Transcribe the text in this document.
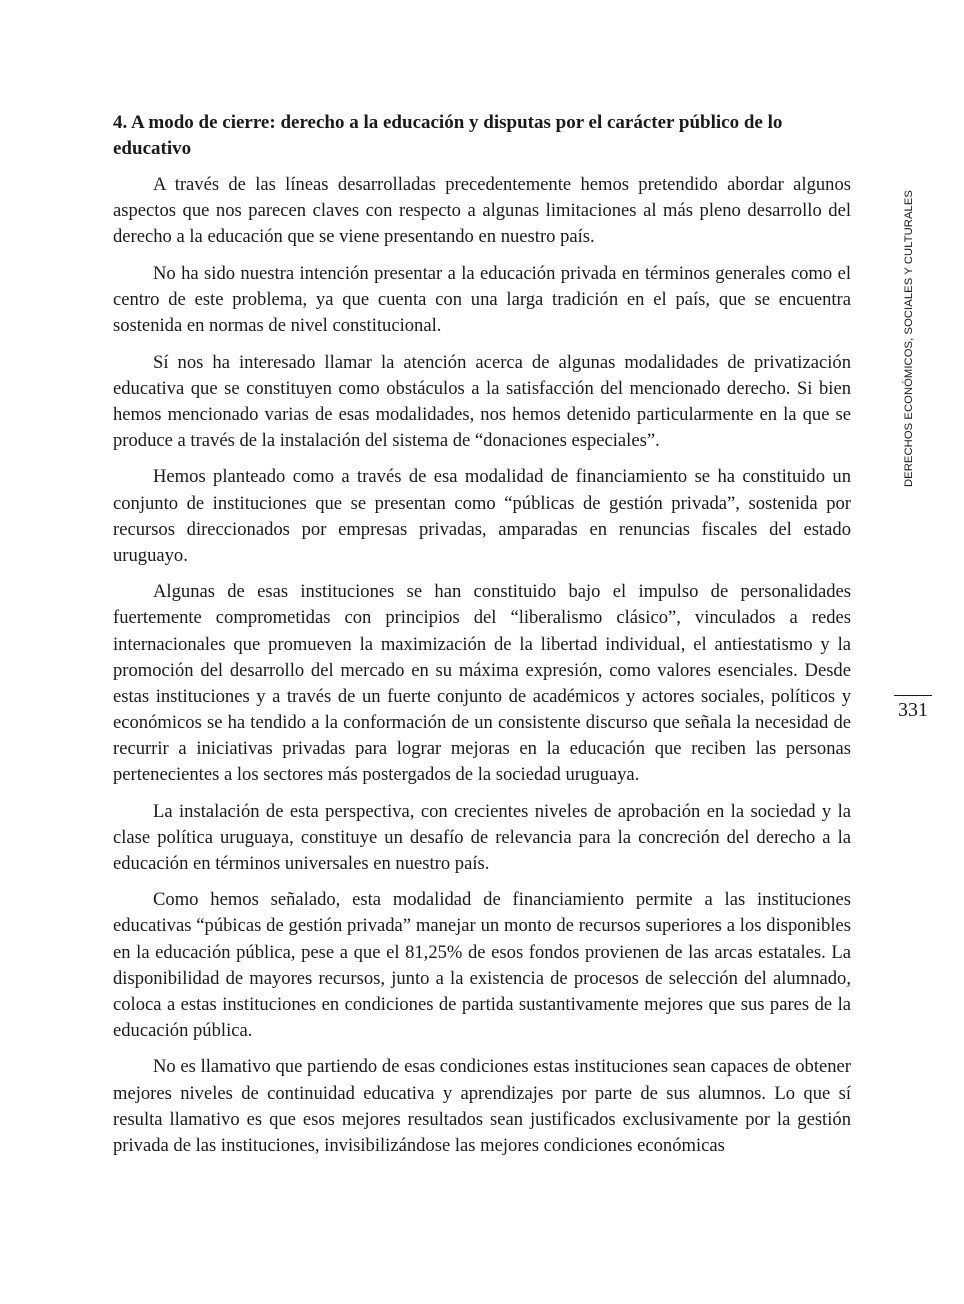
4. A modo de cierre: derecho a la educación y disputas por el carácter público de lo educativo

A través de las líneas desarrolladas precedentemente hemos pretendido abordar algunos aspectos que nos parecen claves con respecto a algunas limitaciones al más pleno desarrollo del derecho a la educación que se viene presentando en nuestro país.

No ha sido nuestra intención presentar a la educación privada en términos generales como el centro de este problema, ya que cuenta con una larga tradición en el país, que se encuentra sostenida en normas de nivel constitucional.

Sí nos ha interesado llamar la atención acerca de algunas modalidades de privatización educativa que se constituyen como obstáculos a la satisfacción del mencionado derecho. Si bien hemos mencionado varias de esas modalidades, nos hemos detenido particularmente en la que se produce a través de la instalación del sistema de “donaciones especiales”.

Hemos planteado como a través de esa modalidad de financiamiento se ha constituido un conjunto de instituciones que se presentan como “públicas de gestión privada”, sostenida por recursos direccionados por empresas privadas, amparadas en renuncias fiscales del estado uruguayo.

Algunas de esas instituciones se han constituido bajo el impulso de personalidades fuertemente comprometidas con principios del “liberalismo clásico”, vinculados a redes internacionales que promueven la maximización de la libertad individual, el antiestatismo y la promoción del desarrollo del mercado en su máxima expresión, como valores esenciales. Desde estas instituciones y a través de un fuerte conjunto de académicos y actores sociales, políticos y económicos se ha tendido a la conformación de un consistente discurso que señala la necesidad de recurrir a iniciativas privadas para lograr mejoras en la educación que reciben las personas pertenecientes a los sectores más postergados de la sociedad uruguaya.

La instalación de esta perspectiva, con crecientes niveles de aprobación en la sociedad y la clase política uruguaya, constituye un desafío de relevancia para la concreción del derecho a la educación en términos universales en nuestro país.

Como hemos señalado, esta modalidad de financiamiento permite a las instituciones educativas “púbicas de gestión privada” manejar un monto de recursos superiores a los disponibles en la educación pública, pese a que el 81,25% de esos fondos provienen de las arcas estatales. La disponibilidad de mayores recursos, junto a la existencia de procesos de selección del alumnado, coloca a estas instituciones en condiciones de partida sustantivamente mejores que sus pares de la educación pública.

No es llamativo que partiendo de esas condiciones estas instituciones sean capaces de obtener mejores niveles de continuidad educativa y aprendizajes por parte de sus alumnos. Lo que sí resulta llamativo es que esos mejores resultados sean justificados exclusivamente por la gestión privada de las instituciones, invisibilizándose las mejores condiciones económicas

DERECHOS ECONÓMICOS, SOCIALES Y CULTURALES
331
